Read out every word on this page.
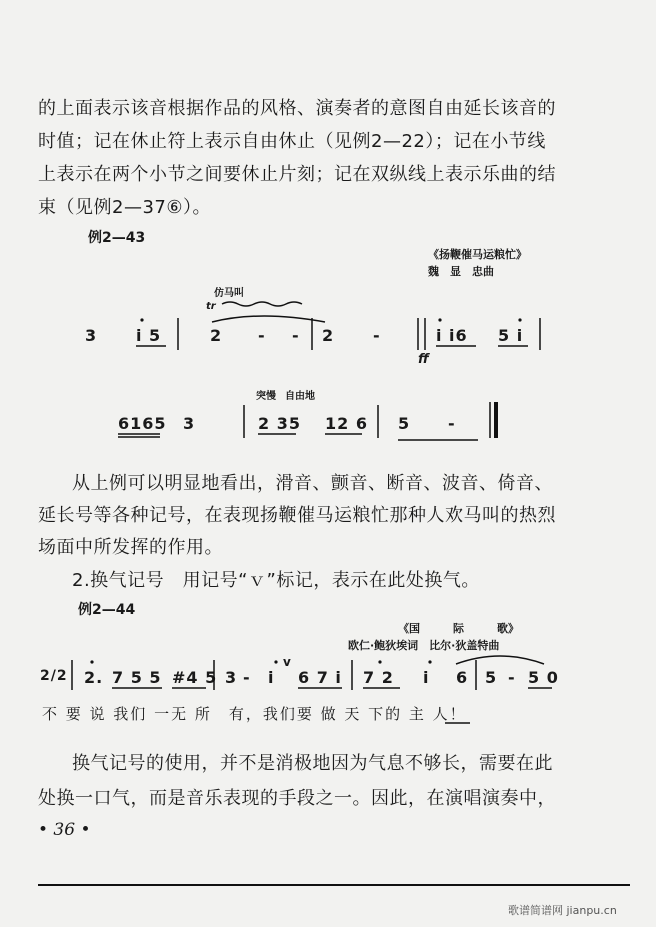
的上面表示该音根据作品的风格、演奏者的意图自由延长该音的
时值；记在休止符上表示自由休止（见例2—22）；记在小节线
上表示在两个小节之间要休止片刻；记在双纵线上表示乐曲的结
束（见例2—37⑥）。
例2—43
《扬鞭催马运粮忙》
魏　显　忠曲
仿马叫
tr
3 i 5	2 - - 2 -	i i6 5 i
ff
突慢 自由地
6165 3	2 35 12 6 5 -
从上例可以明显地看出，滑音、颤音、断音、波音、倚音、
延长号等各种记号，在表现扬鞭催马运粮忙那种人欢马叫的热烈
场面中所发挥的作用。
2.换气记号　用记号“ｖ”标记，表示在此处换气。
例2—44
《国　　　际　　　歌》
欧仁·鲍狄埃词　比尔·狄盖特曲
2/2 2. 7 5 5 #4 5 3 - i
v
6 7 i 7 2 i 6 5 - 5 0
不 要 说 我们 一无 所　有，我们要 做 天 下的 主 人！
换气记号的使用，并不是消极地因为气息不够长，需要在此
处换一口气，而是音乐表现的手段之一。因此，在演唱演奏中，
• 36 •
歌谱简谱网 jianpu.cn
